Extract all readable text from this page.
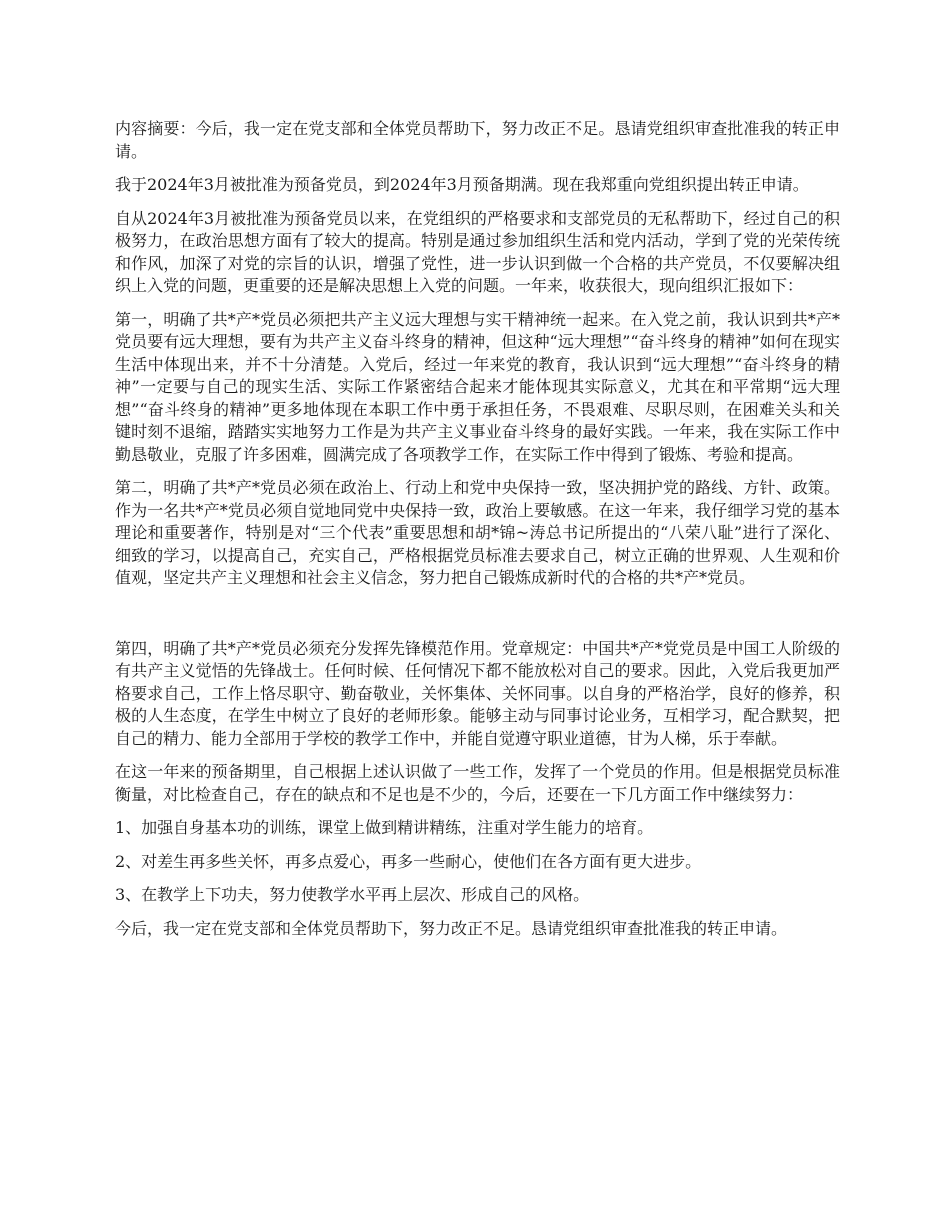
内容摘要：今后，我一定在党支部和全体党员帮助下，努力改正不足。恳请党组织审查批准我的转正申请。

我于2024年3月被批准为预备党员，到2024年3月预备期满。现在我郑重向党组织提出转正申请。

自从2024年3月被批准为预备党员以来，在党组织的严格要求和支部党员的无私帮助下，经过自己的积极努力，在政治思想方面有了较大的提高。特别是通过参加组织生活和党内活动，学到了党的光荣传统和作风，加深了对党的宗旨的认识，增强了党性，进一步认识到做一个合格的共产党员，不仅要解决组织上入党的问题，更重要的还是解决思想上入党的问题。一年来，收获很大，现向组织汇报如下：

第一，明确了共*产*党员必须把共产主义远大理想与实干精神统一起来。在入党之前，我认识到共*产*党员要有远大理想，要有为共产主义奋斗终身的精神，但这种“远大理想”“奋斗终身的精神”如何在现实生活中体现出来，并不十分清楚。入党后，经过一年来党的教育，我认识到“远大理想”“奋斗终身的精神”一定要与自己的现实生活、实际工作紧密结合起来才能体现其实际意义，尤其在和平常期“远大理想”“奋斗终身的精神”更多地体现在本职工作中勇于承担任务，不畏艰难、尽职尽则，在困难关头和关键时刻不退缩，踏踏实实地努力工作是为共产主义事业奋斗终身的最好实践。一年来，我在实际工作中勤恳敬业，克服了许多困难，圆满完成了各项教学工作，在实际工作中得到了锻炼、考验和提高。

第二，明确了共*产*党员必须在政治上、行动上和党中央保持一致，坚决拥护党的路线、方针、政策。作为一名共*产*党员必须自觉地同党中央保持一致，政治上要敏感。在这一年来，我仔细学习党的基本理论和重要著作，特别是对“三个代表”重要思想和胡*锦~涛总书记所提出的“八荣八耻”进行了深化、细致的学习，以提高自己，充实自己，严格根据党员标准去要求自己，树立正确的世界观、人生观和价值观，坚定共产主义理想和社会主义信念，努力把自己锻炼成新时代的合格的共*产*党员。

第四，明确了共*产*党员必须充分发挥先锋模范作用。党章规定：中国共*产*党党员是中国工人阶级的有共产主义觉悟的先锋战士。任何时候、任何情况下都不能放松对自己的要求。因此，入党后我更加严格要求自己，工作上恪尽职守、勤奋敬业，关怀集体、关怀同事。以自身的严格治学，良好的修养，积极的人生态度，在学生中树立了良好的老师形象。能够主动与同事讨论业务，互相学习，配合默契，把自己的精力、能力全部用于学校的教学工作中，并能自觉遵守职业道德，甘为人梯，乐于奉献。

在这一年来的预备期里，自己根据上述认识做了一些工作，发挥了一个党员的作用。但是根据党员标准衡量，对比检查自己，存在的缺点和不足也是不少的，今后，还要在一下几方面工作中继续努力：

1、加强自身基本功的训练，课堂上做到精讲精练，注重对学生能力的培育。

2、对差生再多些关怀，再多点爱心，再多一些耐心，使他们在各方面有更大进步。

3、在教学上下功夫，努力使教学水平再上层次、形成自己的风格。

今后，我一定在党支部和全体党员帮助下，努力改正不足。恳请党组织审查批准我的转正申请。
